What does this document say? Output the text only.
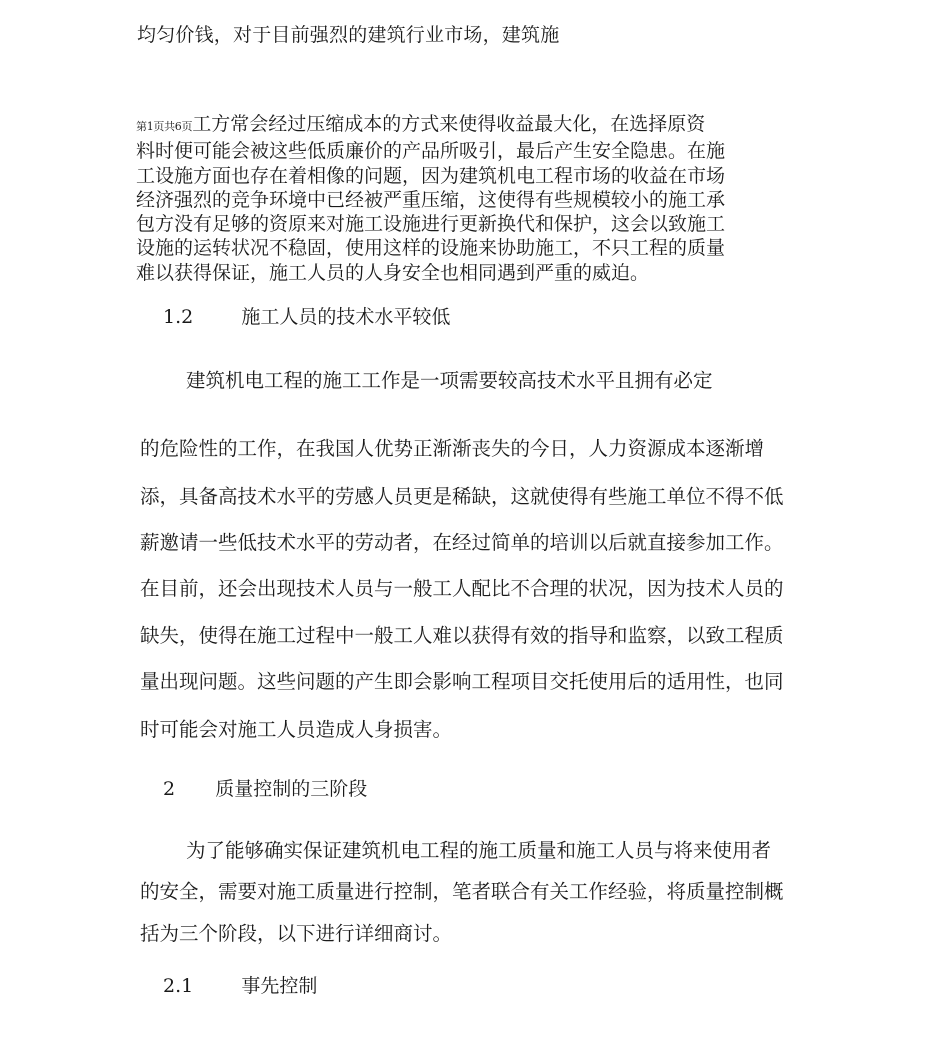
均匀价钱，对于目前强烈的建筑行业市场，建筑施
第1页共6页工方常会经过压缩成本的方式来使得收益最大化，在选择原资
料时便可能会被这些低质廉价的产品所吸引，最后产生安全隐患。在施
工设施方面也存在着相像的问题，因为建筑机电工程市场的收益在市场
经济强烈的竞争环境中已经被严重压缩，这使得有些规模较小的施工承
包方没有足够的资原来对施工设施进行更新换代和保护，这会以致施工
设施的运转状况不稳固，使用这样的设施来协助施工，不只工程的质量
难以获得保证，施工人员的人身安全也相同遇到严重的威迫。
1.2	施工人员的技术水平较低
建筑机电工程的施工工作是一项需要较高技术水平且拥有必定
的危险性的工作，在我国人优势正渐渐丧失的今日，人力资源成本逐渐增
添，具备高技术水平的劳感人员更是稀缺，这就使得有些施工单位不得不低
薪邀请一些低技术水平的劳动者，在经过简单的培训以后就直接参加工作。
在目前，还会出现技术人员与一般工人配比不合理的状况，因为技术人员的
缺失，使得在施工过程中一般工人难以获得有效的指导和监察，以致工程质
量出现问题。这些问题的产生即会影响工程项目交托使用后的适用性，也同
时可能会对施工人员造成人身损害。
2 质量控制的三阶段
为了能够确实保证建筑机电工程的施工质量和施工人员与将来使用者
的安全，需要对施工质量进行控制，笔者联合有关工作经验，将质量控制概
括为三个阶段，以下进行详细商讨。
2.1	事先控制
